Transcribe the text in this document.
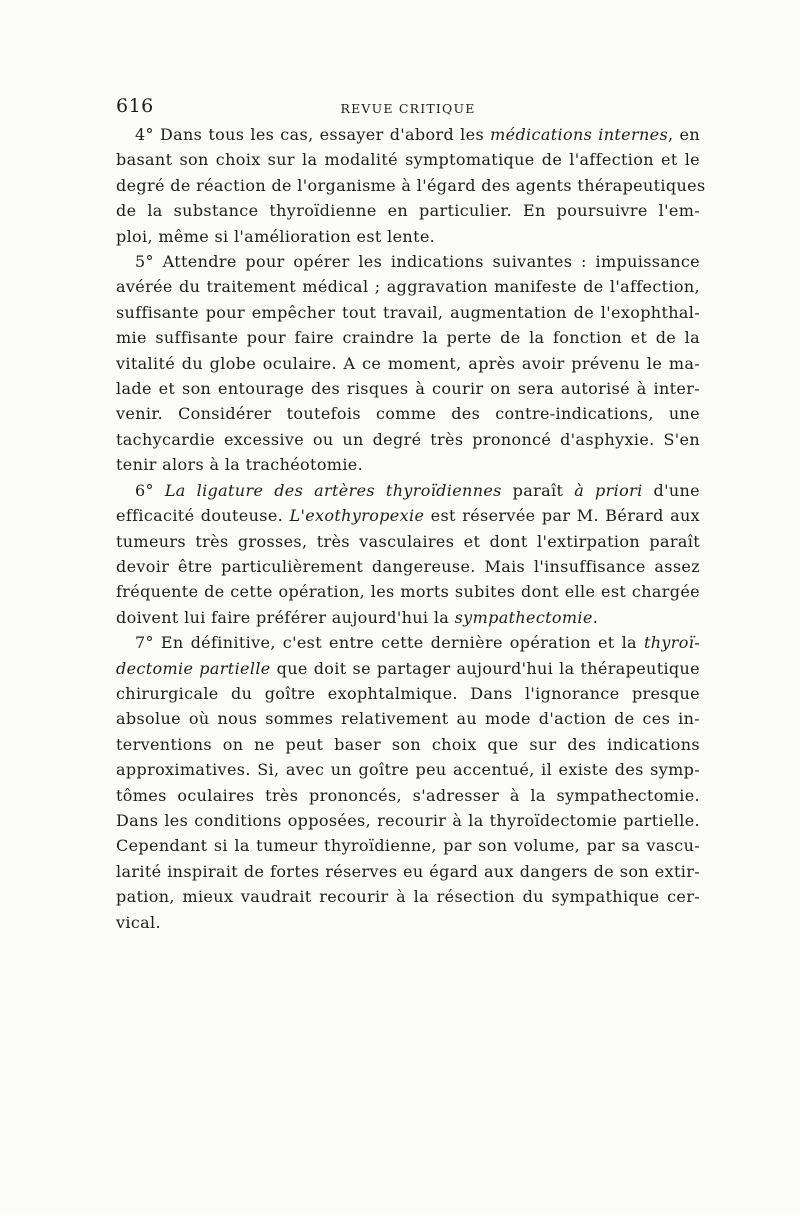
616	REVUE CRITIQUE
4° Dans tous les cas, essayer d'abord les médications internes, en
basant son choix sur la modalité symptomatique de l'affection et le
degré de réaction de l'organisme à l'égard des agents thérapeutiques
de la substance thyroïdienne en particulier. En poursuivre l'em-
ploi, même si l'amélioration est lente.
5° Attendre pour opérer les indications suivantes : impuissance
avérée du traitement médical ; aggravation manifeste de l'affection,
suffisante pour empêcher tout travail, augmentation de l'exophthal-
mie suffisante pour faire craindre la perte de la fonction et de la
vitalité du globe oculaire. A ce moment, après avoir prévenu le ma-
lade et son entourage des risques à courir on sera autorisé à inter-
venir. Considérer toutefois comme des contre-indications, une
tachycardie excessive ou un degré très prononcé d'asphyxie. S'en
tenir alors à la trachéotomie.
6° La ligature des artères thyroïdiennes paraît à priori d'une
efficacité douteuse. L'exothyropexie est réservée par M. Bérard aux
tumeurs très grosses, très vasculaires et dont l'extirpation paraît
devoir être particulièrement dangereuse. Mais l'insuffisance assez
fréquente de cette opération, les morts subites dont elle est chargée
doivent lui faire préférer aujourd'hui la sympathectomie.
7° En définitive, c'est entre cette dernière opération et la thyroï-
dectomie partielle que doit se partager aujourd'hui la thérapeutique
chirurgicale du goître exophtalmique. Dans l'ignorance presque
absolue où nous sommes relativement au mode d'action de ces in-
terventions on ne peut baser son choix que sur des indications
approximatives. Si, avec un goître peu accentué, il existe des symp-
tômes oculaires très prononcés, s'adresser à la sympathectomie.
Dans les conditions opposées, recourir à la thyroïdectomie partielle.
Cependant si la tumeur thyroïdienne, par son volume, par sa vascu-
larité inspirait de fortes réserves eu égard aux dangers de son extir-
pation, mieux vaudrait recourir à la résection du sympathique cer-
vical.
